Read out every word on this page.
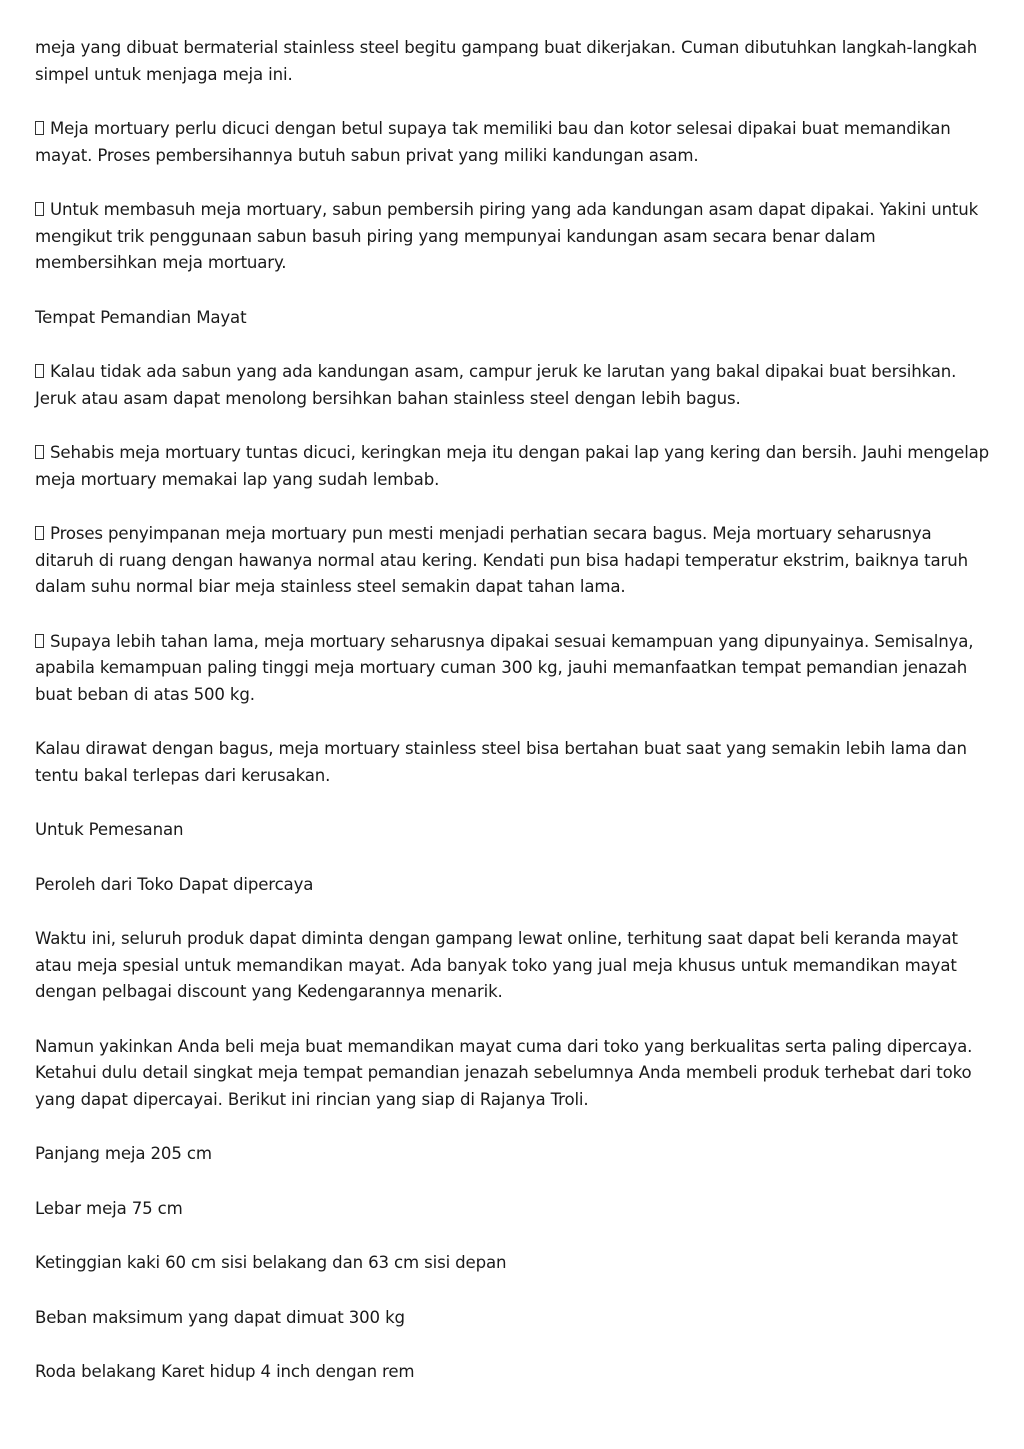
meja yang dibuat bermaterial stainless steel begitu gampang buat dikerjakan. Cuman dibutuhkan langkah-langkah simpel untuk menjaga meja ini.

Meja mortuary perlu dicuci dengan betul supaya tak memiliki bau dan kotor selesai dipakai buat memandikan mayat. Proses pembersihannya butuh sabun privat yang miliki kandungan asam.

Untuk membasuh meja mortuary, sabun pembersih piring yang ada kandungan asam dapat dipakai. Yakini untuk mengikut trik penggunaan sabun basuh piring yang mempunyai kandungan asam secara benar dalam membersihkan meja mortuary.

Tempat Pemandian Mayat

Kalau tidak ada sabun yang ada kandungan asam, campur jeruk ke larutan yang bakal dipakai buat bersihkan. Jeruk atau asam dapat menolong bersihkan bahan stainless steel dengan lebih bagus.

Sehabis meja mortuary tuntas dicuci, keringkan meja itu dengan pakai lap yang kering dan bersih. Jauhi mengelap meja mortuary memakai lap yang sudah lembab.

Proses penyimpanan meja mortuary pun mesti menjadi perhatian secara bagus. Meja mortuary seharusnya ditaruh di ruang dengan hawanya normal atau kering. Kendati pun bisa hadapi temperatur ekstrim, baiknya taruh dalam suhu normal biar meja stainless steel semakin dapat tahan lama.

Supaya lebih tahan lama, meja mortuary seharusnya dipakai sesuai kemampuan yang dipunyainya. Semisalnya, apabila kemampuan paling tinggi meja mortuary cuman 300 kg, jauhi memanfaatkan tempat pemandian jenazah buat beban di atas 500 kg.

Kalau dirawat dengan bagus, meja mortuary stainless steel bisa bertahan buat saat yang semakin lebih lama dan tentu bakal terlepas dari kerusakan.

Untuk Pemesanan

Peroleh dari Toko Dapat dipercaya

Waktu ini, seluruh produk dapat diminta dengan gampang lewat online, terhitung saat dapat beli keranda mayat atau meja spesial untuk memandikan mayat. Ada banyak toko yang jual meja khusus untuk memandikan mayat dengan pelbagai discount yang Kedengarannya menarik.

Namun yakinkan Anda beli meja buat memandikan mayat cuma dari toko yang berkualitas serta paling dipercaya. Ketahui dulu detail singkat meja tempat pemandian jenazah sebelumnya Anda membeli produk terhebat dari toko yang dapat dipercayai. Berikut ini rincian yang siap di Rajanya Troli.

Panjang meja 205 cm

Lebar meja 75 cm

Ketinggian kaki 60 cm sisi belakang dan 63 cm sisi depan

Beban maksimum yang dapat dimuat 300 kg

Roda belakang Karet hidup 4 inch dengan rem
